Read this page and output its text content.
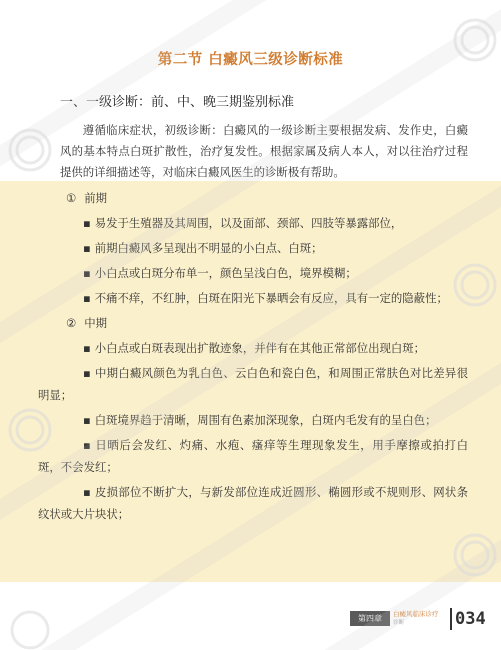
第二节 白癜风三级诊断标准
一、一级诊断：前、中、晚三期鉴别标准

遵循临床症状，初级诊断：白癜风的一级诊断主要根据发病、发作史，白癜风的基本特点白斑扩散性，治疗复发性。根据家属及病人本人，对以往治疗过程提供的详细描述等，对临床白癜风医生的诊断极有帮助。

① 前期

▪ 易发于生殖器及其周围，以及面部、颈部、四肢等暴露部位，

▪ 前期白癜风多呈现出不明显的小白点、白斑；

▪ 小白点或白斑分布单一，颜色呈浅白色，境界模糊；

▪ 不痛不痒，不红肿，白斑在阳光下暴晒会有反应，具有一定的隐蔽性；

② 中期

▪ 小白点或白斑表现出扩散迹象，并伴有在其他正常部位出现白斑；

▪ 中期白癜风颜色为乳白色、云白色和瓷白色，和周围正常肤色对比差异很明显；

▪ 白斑境界趋于清晰，周围有色素加深现象，白斑内毛发有的呈白色；

▪ 日晒后会发红、灼痛、水疱、瘙痒等生理现象发生，用手摩擦或拍打白斑，不会发红；

▪ 皮损部位不断扩大，与新发部位连成近圆形、椭圆形或不规则形、网状条纹状或大片块状；

第四章	白癜风临床诊疗
诊断	034
